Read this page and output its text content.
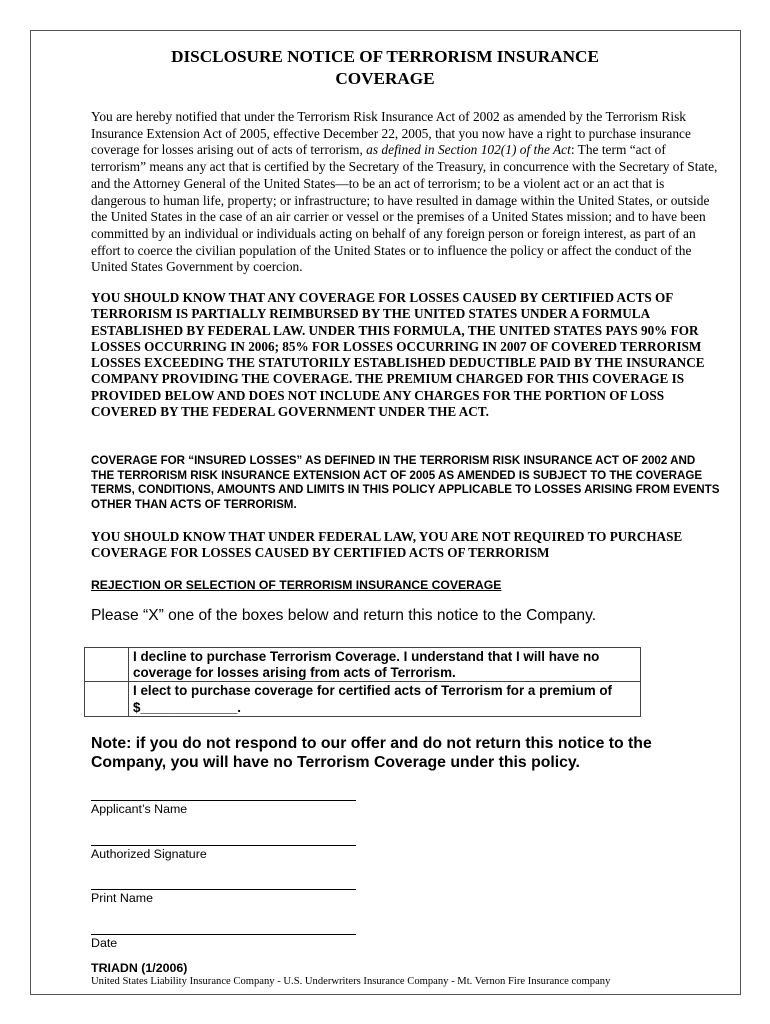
DISCLOSURE NOTICE OF TERRORISM INSURANCE
COVERAGE
You are hereby notified that under the Terrorism Risk Insurance Act of 2002 as amended by the Terrorism Risk Insurance Extension Act of 2005, effective December 22, 2005, that you now have a right to purchase insurance coverage for losses arising out of acts of terrorism, as defined in Section 102(1) of the Act: The term “act of terrorism” means any act that is certified by the Secretary of the Treasury, in concurrence with the Secretary of State, and the Attorney General of the United States—to be an act of terrorism; to be a violent act or an act that is dangerous to human life, property; or infrastructure; to have resulted in damage within the United States, or outside the United States in the case of an air carrier or vessel or the premises of a United States mission; and to have been committed by an individual or individuals acting on behalf of any foreign person or foreign interest, as part of an effort to coerce the civilian population of the United States or to influence the policy or affect the conduct of the United States Government by coercion.
YOU SHOULD KNOW THAT ANY COVERAGE FOR LOSSES CAUSED BY CERTIFIED ACTS OF TERRORISM IS PARTIALLY REIMBURSED BY THE UNITED STATES UNDER A FORMULA ESTABLISHED BY FEDERAL LAW. UNDER THIS FORMULA, THE UNITED STATES PAYS 90% FOR LOSSES OCCURRING IN 2006; 85% FOR LOSSES OCCURRING IN 2007 OF COVERED TERRORISM LOSSES EXCEEDING THE STATUTORILY ESTABLISHED DEDUCTIBLE PAID BY THE INSURANCE COMPANY PROVIDING THE COVERAGE. THE PREMIUM CHARGED FOR THIS COVERAGE IS PROVIDED BELOW AND DOES NOT INCLUDE ANY CHARGES FOR THE PORTION OF LOSS COVERED BY THE FEDERAL GOVERNMENT UNDER THE ACT.
COVERAGE FOR “INSURED LOSSES” AS DEFINED IN THE TERRORISM RISK INSURANCE ACT OF 2002 AND THE TERRORISM RISK INSURANCE EXTENSION ACT OF 2005 AS AMENDED IS SUBJECT TO THE COVERAGE TERMS, CONDITIONS, AMOUNTS AND LIMITS IN THIS POLICY APPLICABLE TO LOSSES ARISING FROM EVENTS OTHER THAN ACTS OF TERRORISM.
YOU SHOULD KNOW THAT UNDER FEDERAL LAW, YOU ARE NOT REQUIRED TO PURCHASE COVERAGE FOR LOSSES CAUSED BY CERTIFIED ACTS OF TERRORISM
REJECTION OR SELECTION OF TERRORISM INSURANCE COVERAGE
Please “X” one of the boxes below and return this notice to the Company.
	I decline to purchase Terrorism Coverage. I understand that I will have no coverage for losses arising from acts of Terrorism.
	I elect to purchase coverage for certified acts of Terrorism for a premium of $_____________.
Note: if you do not respond to our offer and do not return this notice to the Company, you will have no Terrorism Coverage under this policy.
Applicant’s Name
Authorized Signature
Print Name
Date
TRIADN (1/2006)
United States Liability Insurance Company - U.S. Underwriters Insurance Company - Mt. Vernon Fire Insurance company
